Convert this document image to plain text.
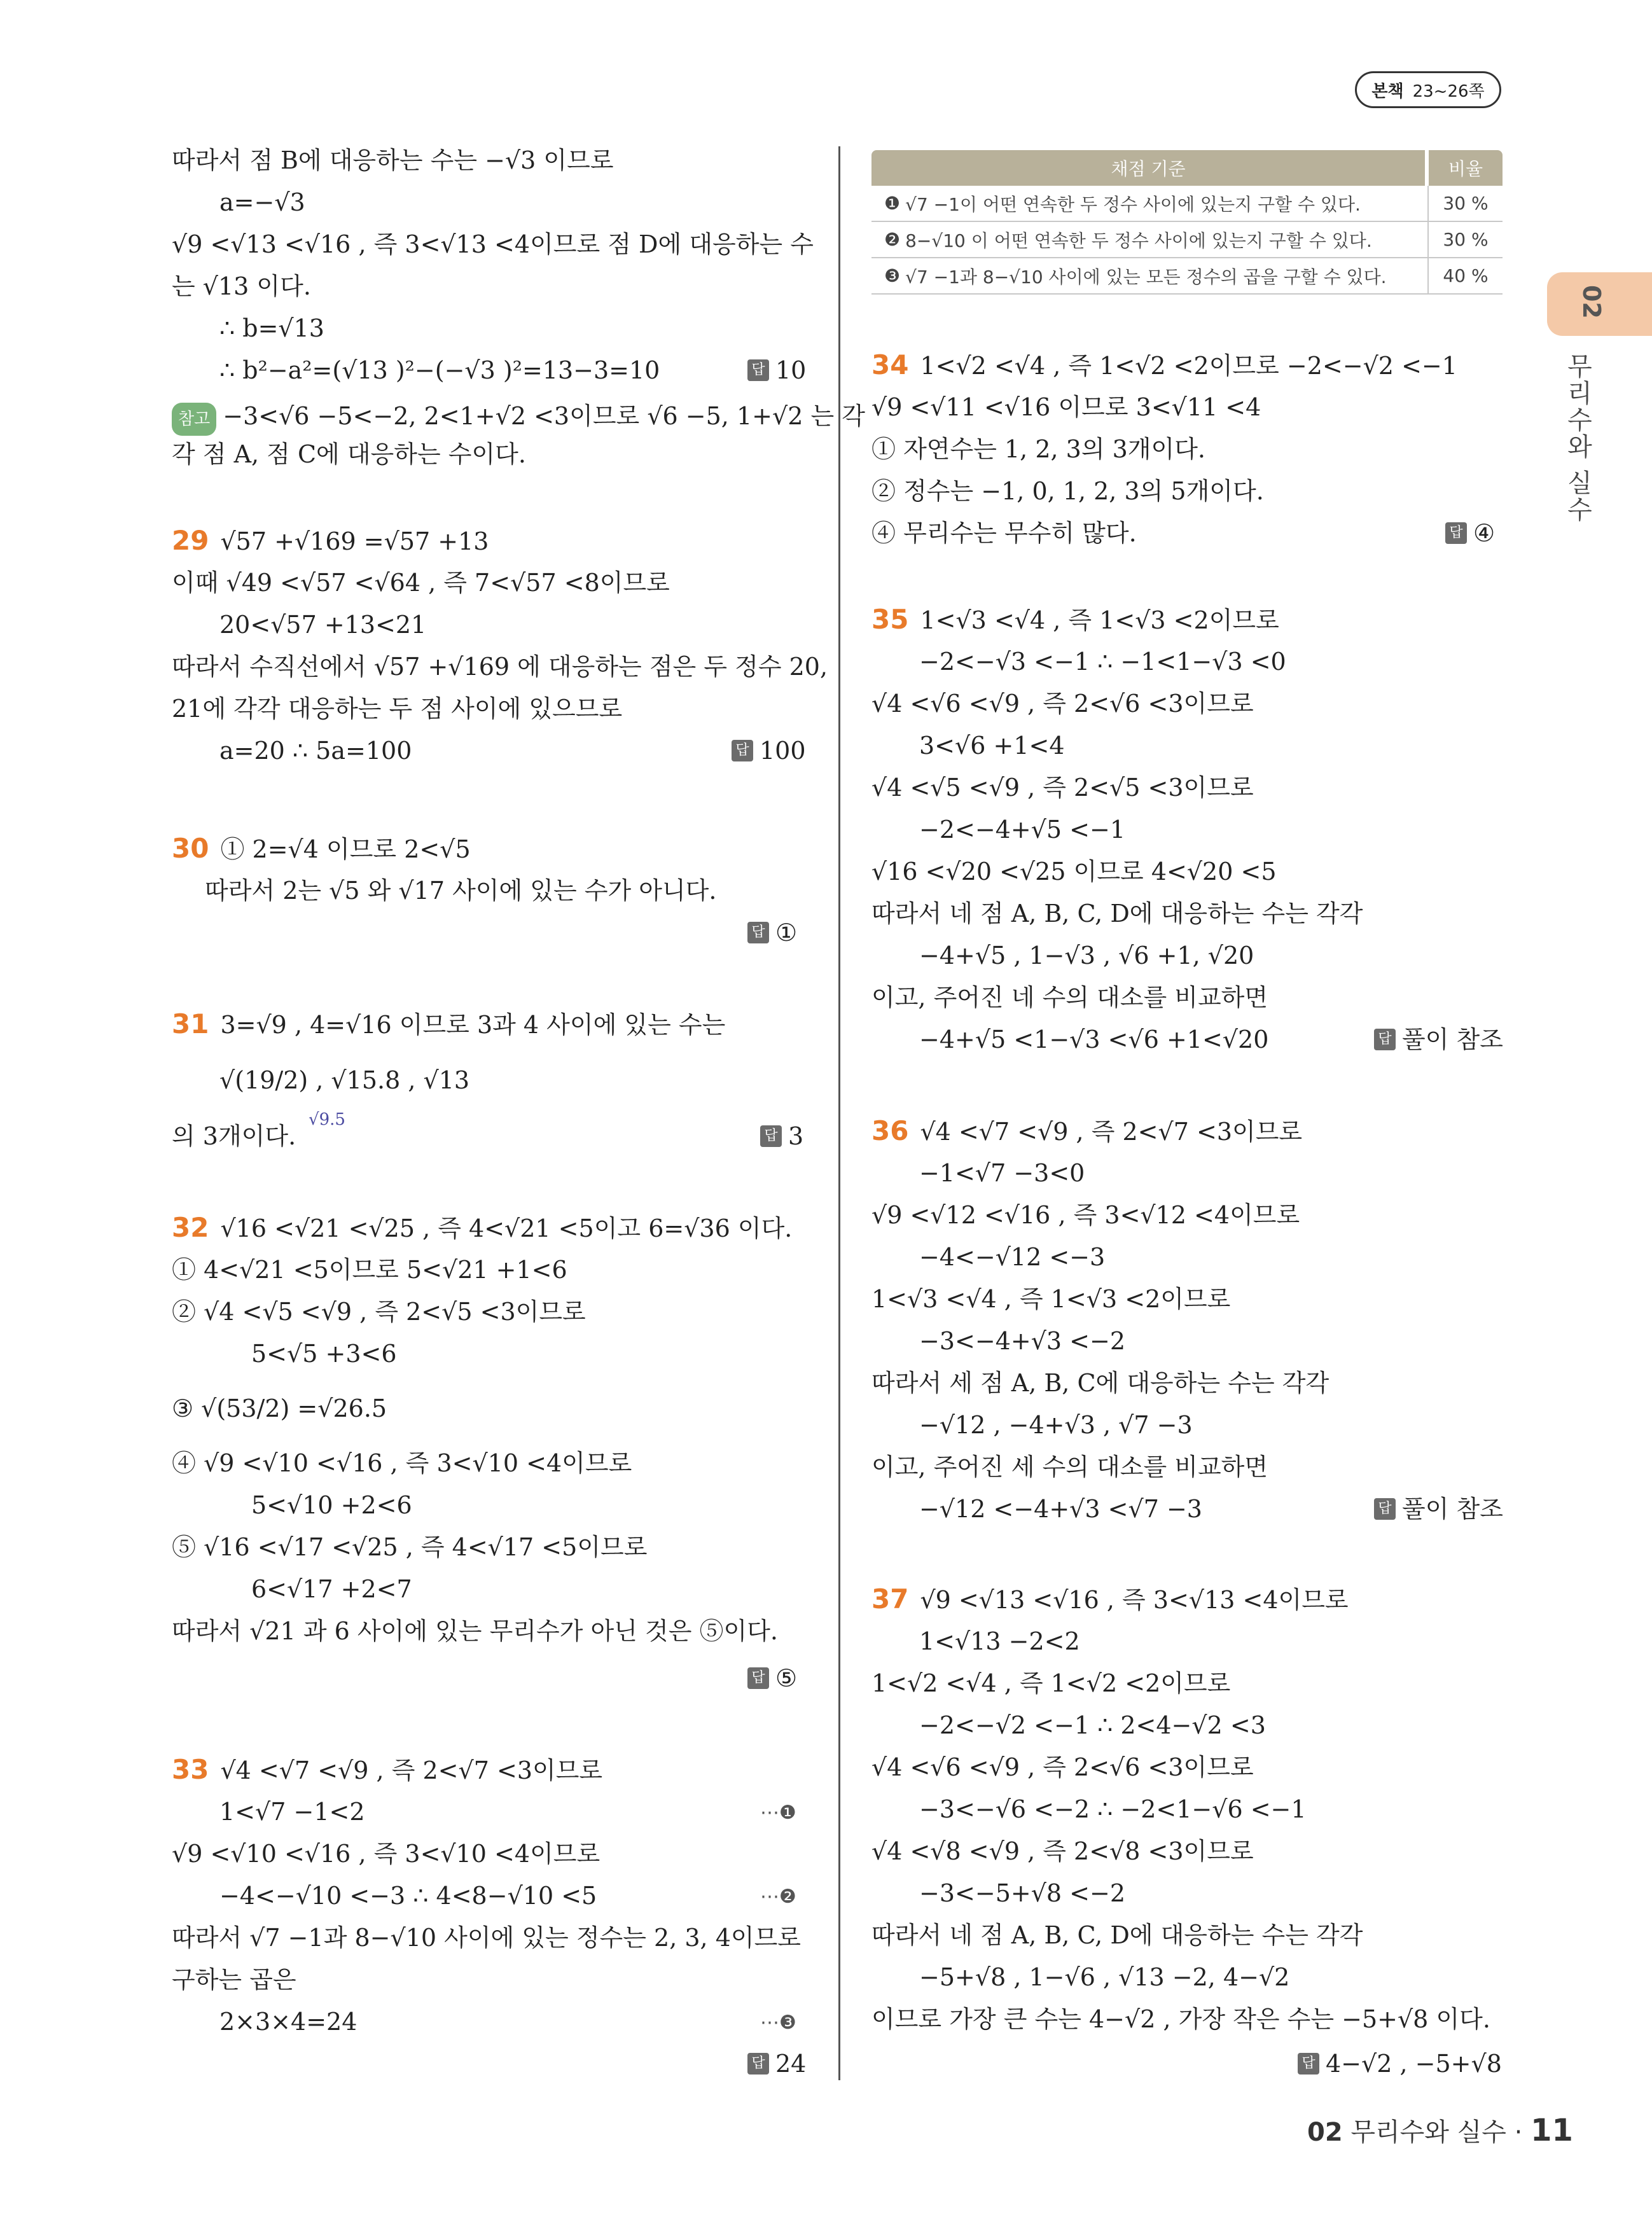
본책 23~26쪽
02
무리수와 실수
따라서 점 B에 대응하는 수는 −√3 이므로
a=−√3
√9 <√13 <√16 , 즉 3<√13 <4이므로 점 D에 대응하는 수
는 √13 이다.
∴ b=√13
∴ b²−a²=(√13 )²−(−√3 )²=13−3=10	답 10
참고 −3<√6 −5<−2, 2<1+√2 <3이므로 √6 −5, 1+√2 는 각
각 점 A, 점 C에 대응하는 수이다.
29 √57 +√169 =√57 +13
이때 √49 <√57 <√64 , 즉 7<√57 <8이므로
20<√57 +13<21
따라서 수직선에서 √57 +√169 에 대응하는 점은 두 정수 20,
21에 각각 대응하는 두 점 사이에 있으므로
a=20 ∴ 5a=100	답 100
30 ① 2=√4 이므로 2<√5
따라서 2는 √5 와 √17 사이에 있는 수가 아니다.
답 ①
31 3=√9 , 4=√16 이므로 3과 4 사이에 있는 수는
√(19/2) , √15.8 , √13
√9.5
의 3개이다.	답 3
32 √16 <√21 <√25 , 즉 4<√21 <5이고 6=√36 이다.
① 4<√21 <5이므로 5<√21 +1<6
② √4 <√5 <√9 , 즉 2<√5 <3이므로
5<√5 +3<6
③ √(53/2) =√26.5
④ √9 <√10 <√16 , 즉 3<√10 <4이므로
5<√10 +2<6
⑤ √16 <√17 <√25 , 즉 4<√17 <5이므로
6<√17 +2<7
따라서 √21 과 6 사이에 있는 무리수가 아닌 것은 ⑤이다.
답 ⑤
33 √4 <√7 <√9 , 즉 2<√7 <3이므로
1<√7 −1<2	⋯❶
√9 <√10 <√16 , 즉 3<√10 <4이므로
−4<−√10 <−3 ∴ 4<8−√10 <5	⋯❷
따라서 √7 −1과 8−√10 사이에 있는 정수는 2, 3, 4이므로
구하는 곱은
2×3×4=24	⋯❸
답 24
채점 기준	비율
❶ √7 −1이 어떤 연속한 두 정수 사이에 있는지 구할 수 있다.	30 %
❷ 8−√10 이 어떤 연속한 두 정수 사이에 있는지 구할 수 있다.	30 %
❸ √7 −1과 8−√10 사이에 있는 모든 정수의 곱을 구할 수 있다.	40 %
34 1<√2 <√4 , 즉 1<√2 <2이므로 −2<−√2 <−1
√9 <√11 <√16 이므로 3<√11 <4
① 자연수는 1, 2, 3의 3개이다.
② 정수는 −1, 0, 1, 2, 3의 5개이다.
④ 무리수는 무수히 많다.	답 ④
35 1<√3 <√4 , 즉 1<√3 <2이므로
−2<−√3 <−1 ∴ −1<1−√3 <0
√4 <√6 <√9 , 즉 2<√6 <3이므로
3<√6 +1<4
√4 <√5 <√9 , 즉 2<√5 <3이므로
−2<−4+√5 <−1
√16 <√20 <√25 이므로 4<√20 <5
따라서 네 점 A, B, C, D에 대응하는 수는 각각
−4+√5 , 1−√3 , √6 +1, √20
이고, 주어진 네 수의 대소를 비교하면
−4+√5 <1−√3 <√6 +1<√20	답 풀이 참조
36 √4 <√7 <√9 , 즉 2<√7 <3이므로
−1<√7 −3<0
√9 <√12 <√16 , 즉 3<√12 <4이므로
−4<−√12 <−3
1<√3 <√4 , 즉 1<√3 <2이므로
−3<−4+√3 <−2
따라서 세 점 A, B, C에 대응하는 수는 각각
−√12 , −4+√3 , √7 −3
이고, 주어진 세 수의 대소를 비교하면
−√12 <−4+√3 <√7 −3	답 풀이 참조
37 √9 <√13 <√16 , 즉 3<√13 <4이므로
1<√13 −2<2
1<√2 <√4 , 즉 1<√2 <2이므로
−2<−√2 <−1 ∴ 2<4−√2 <3
√4 <√6 <√9 , 즉 2<√6 <3이므로
−3<−√6 <−2 ∴ −2<1−√6 <−1
√4 <√8 <√9 , 즉 2<√8 <3이므로
−3<−5+√8 <−2
따라서 네 점 A, B, C, D에 대응하는 수는 각각
−5+√8 , 1−√6 , √13 −2, 4−√2
이므로 가장 큰 수는 4−√2 , 가장 작은 수는 −5+√8 이다.
답 4−√2 , −5+√8
02 무리수와 실수 · 11
